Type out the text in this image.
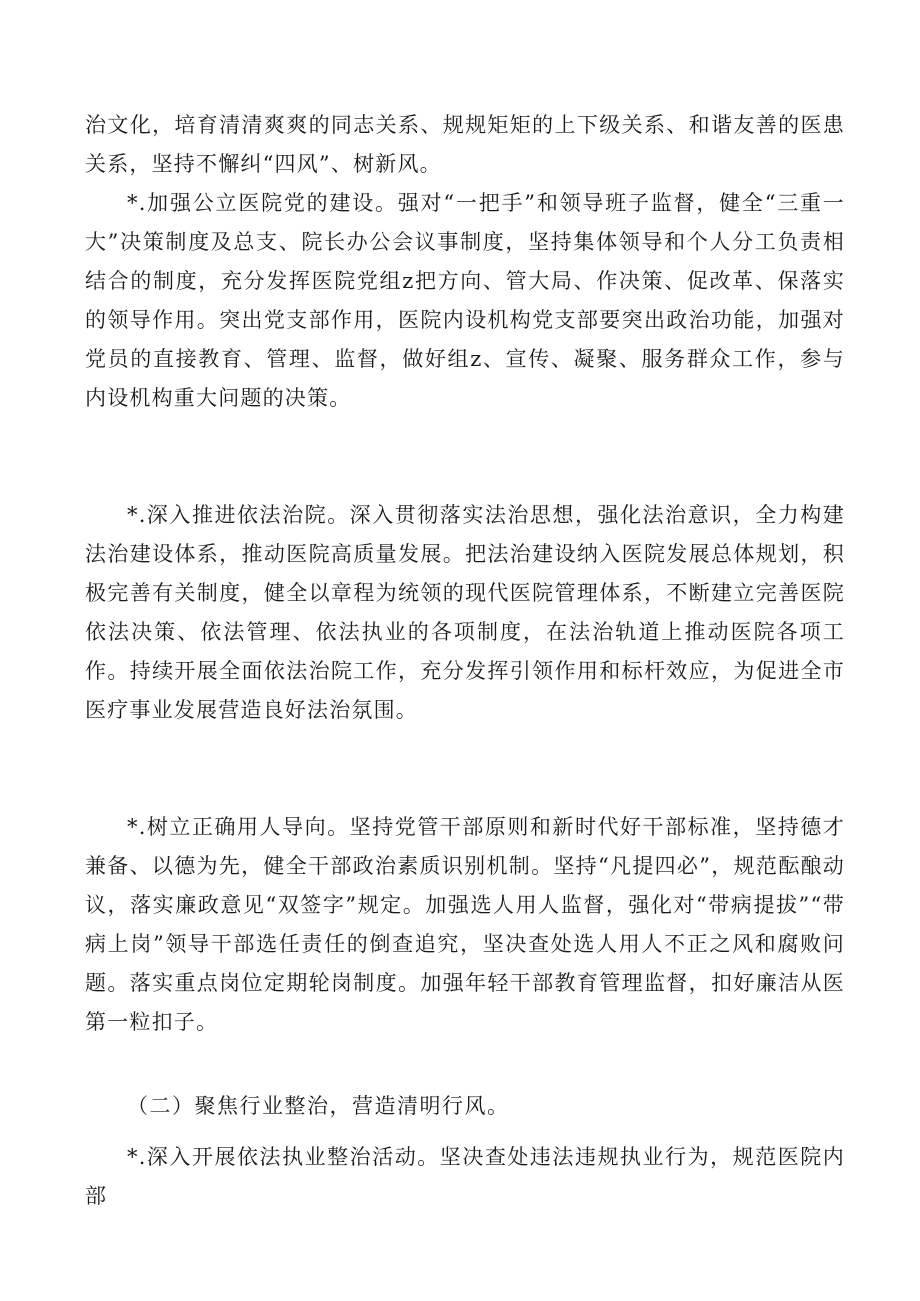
治文化，培育清清爽爽的同志关系、规规矩矩的上下级关系、和谐友善的医患关系，坚持不懈纠“四风”、树新风。

*.加强公立医院党的建设。强对“一把手”和领导班子监督，健全“三重一大”决策制度及总支、院长办公会议事制度，坚持集体领导和个人分工负责相结合的制度，充分发挥医院党组z把方向、管大局、作决策、促改革、保落实的领导作用。突出党支部作用，医院内设机构党支部要突出政治功能，加强对党员的直接教育、管理、监督，做好组z、宣传、凝聚、服务群众工作，参与内设机构重大问题的决策。

*.深入推进依法治院。深入贯彻落实法治思想，强化法治意识，全力构建法治建设体系，推动医院高质量发展。把法治建设纳入医院发展总体规划，积极完善有关制度，健全以章程为统领的现代医院管理体系，不断建立完善医院依法决策、依法管理、依法执业的各项制度，在法治轨道上推动医院各项工作。持续开展全面依法治院工作，充分发挥引领作用和标杆效应，为促进全市医疗事业发展营造良好法治氛围。

*.树立正确用人导向。坚持党管干部原则和新时代好干部标准，坚持德才兼备、以德为先，健全干部政治素质识别机制。坚持“凡提四必”，规范酝酿动议，落实廉政意见“双签字”规定。加强选人用人监督，强化对“带病提拔”“带病上岗”领导干部选任责任的倒查追究，坚决查处选人用人不正之风和腐败问题。落实重点岗位定期轮岗制度。加强年轻干部教育管理监督，扣好廉洁从医第一粒扣子。

（二）聚焦行业整治，营造清明行风。

*.深入开展依法执业整治活动。坚决查处违法违规执业行为，规范医院内部
